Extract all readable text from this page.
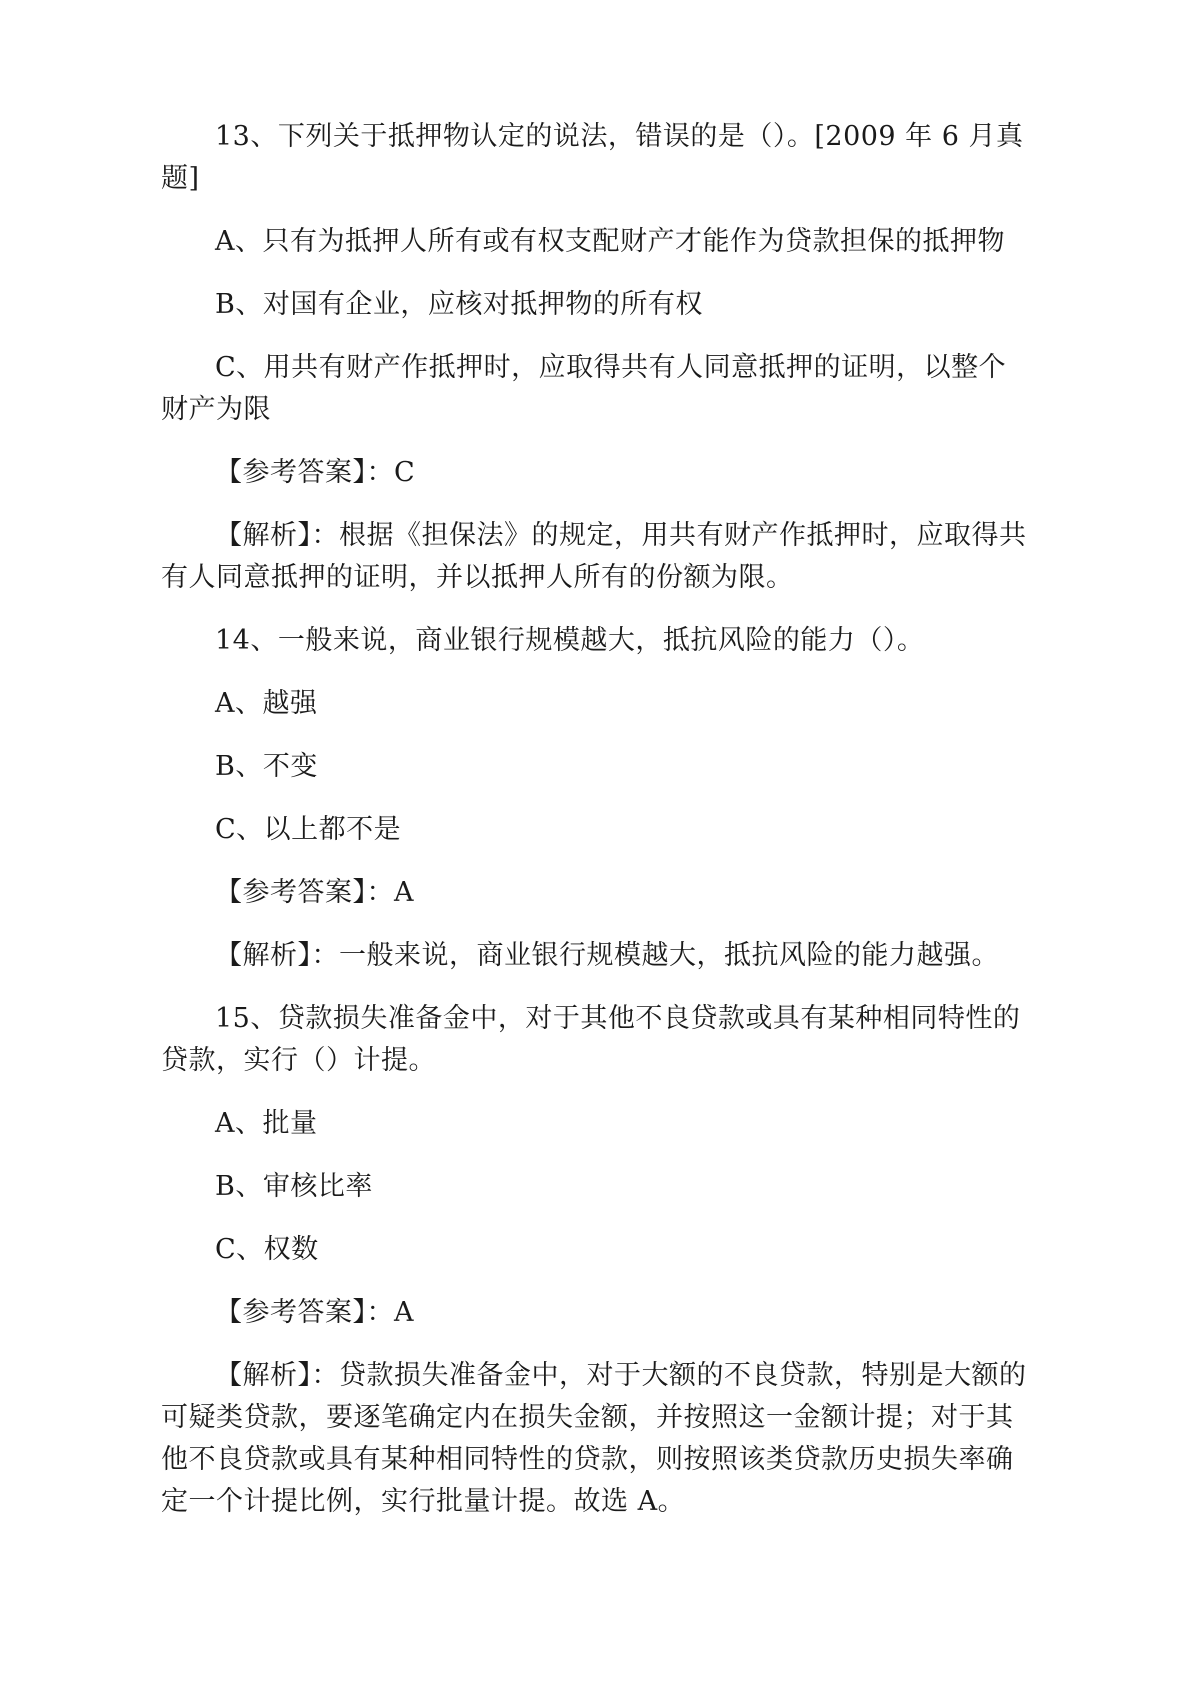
13、下列关于抵押物认定的说法，错误的是（）。[2009 年 6 月真题]

A、只有为抵押人所有或有权支配财产才能作为贷款担保的抵押物

B、对国有企业，应核对抵押物的所有权

C、用共有财产作抵押时，应取得共有人同意抵押的证明，以整个财产为限

【参考答案】：C

【解析】：根据《担保法》的规定，用共有财产作抵押时，应取得共有人同意抵押的证明，并以抵押人所有的份额为限。

14、一般来说，商业银行规模越大，抵抗风险的能力（）。

A、越强

B、不变

C、以上都不是

【参考答案】：A

【解析】：一般来说，商业银行规模越大，抵抗风险的能力越强。

15、贷款损失准备金中，对于其他不良贷款或具有某种相同特性的贷款，实行（）计提。

A、批量

B、审核比率

C、权数

【参考答案】：A

【解析】：贷款损失准备金中，对于大额的不良贷款，特别是大额的可疑类贷款，要逐笔确定内在损失金额，并按照这一金额计提；对于其他不良贷款或具有某种相同特性的贷款，则按照该类贷款历史损失率确定一个计提比例，实行批量计提。故选 A。
